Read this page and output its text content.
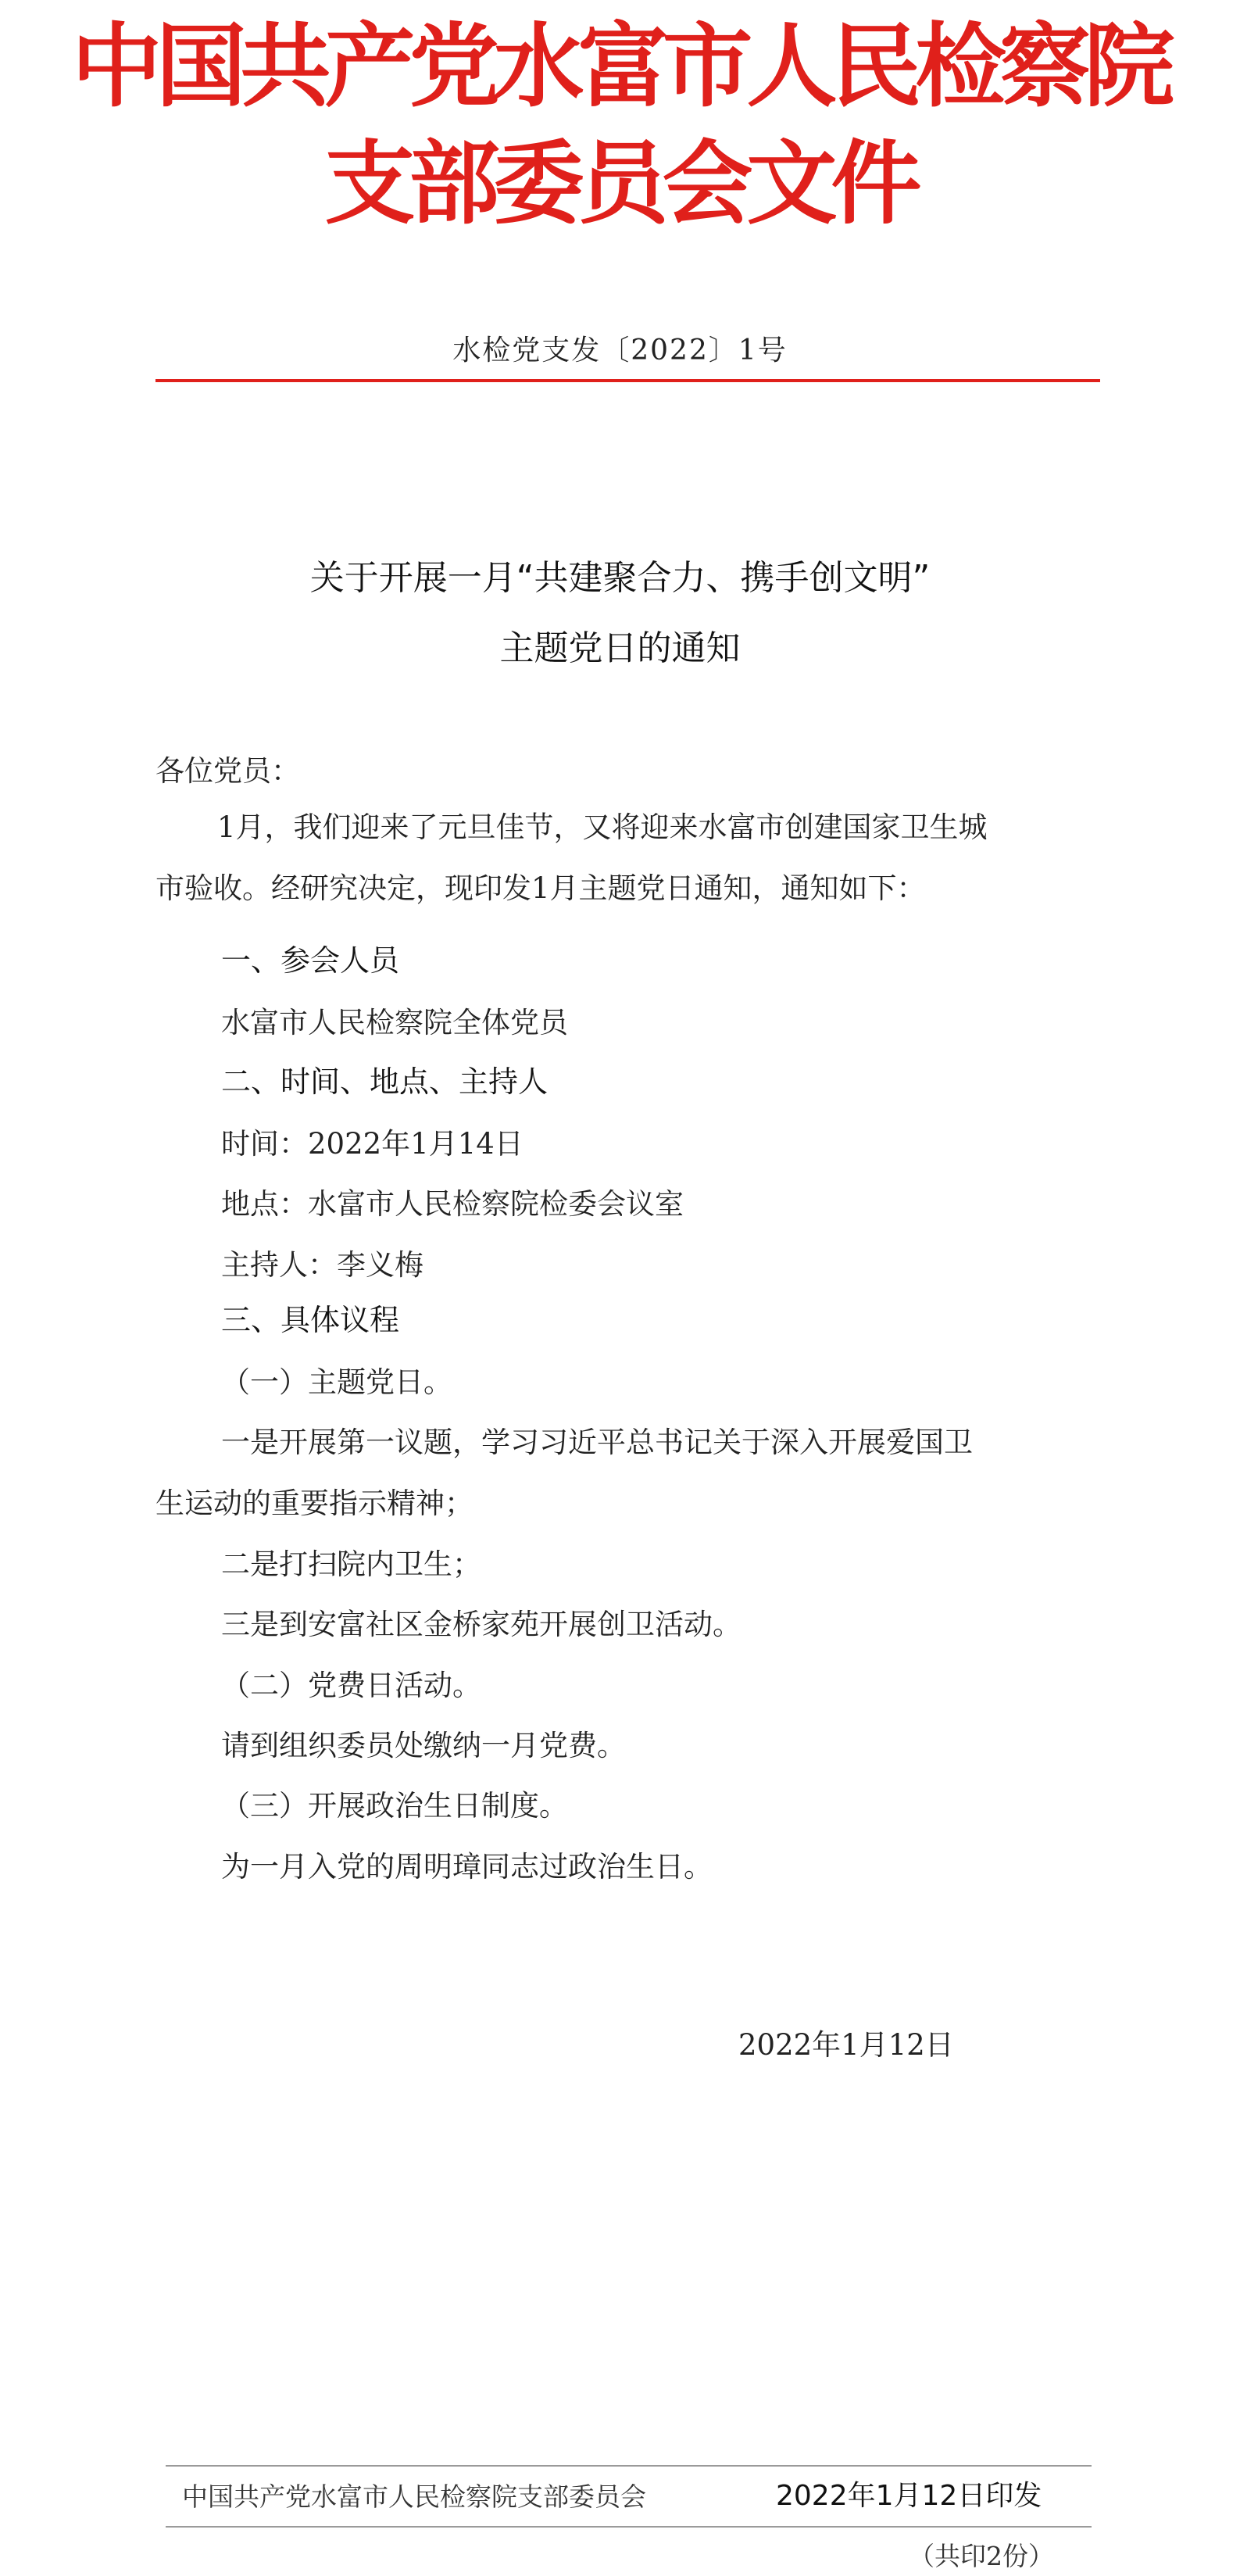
中国共产党水富市人民检察院
支部委员会文件
水检党支发〔2022〕1号
关于开展一月“共建聚合力、携手创文明”
主题党日的通知
各位党员：
1月，我们迎来了元旦佳节，又将迎来水富市创建国家卫生城
市验收。经研究决定，现印发1月主题党日通知，通知如下：
一、参会人员
水富市人民检察院全体党员
二、时间、地点、主持人
时间：2022年1月14日
地点：水富市人民检察院检委会议室
主持人：李义梅
三、具体议程
（一）主题党日。
一是开展第一议题，学习习近平总书记关于深入开展爱国卫
生运动的重要指示精神；
二是打扫院内卫生；
三是到安富社区金桥家苑开展创卫活动。
（二）党费日活动。
请到组织委员处缴纳一月党费。
（三）开展政治生日制度。
为一月入党的周明璋同志过政治生日。
2022年1月12日
中国共产党水富市人民检察院支部委员会	2022年1月12日印发
（共印2份）
